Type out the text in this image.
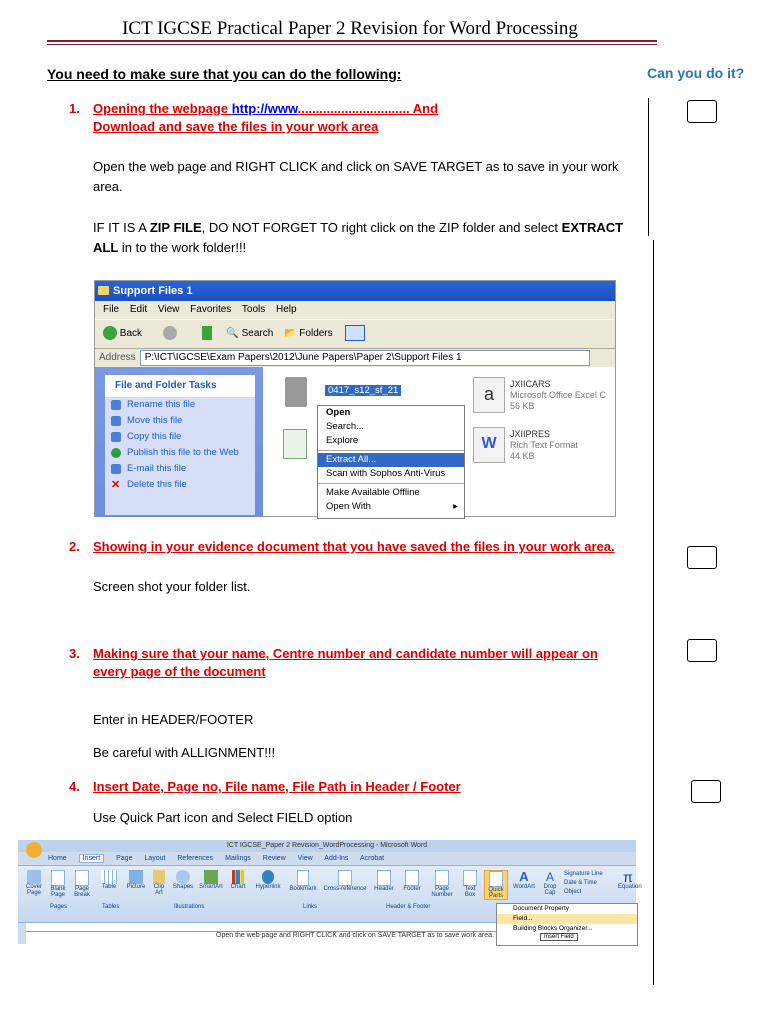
ICT IGCSE Practical Paper 2 Revision for Word Processing
You need to make sure that you can do the following:	Can you do it?
1. Opening the webpage http://www............................... And
Download and save the files in your work area
Open the web page and RIGHT CLICK and click on SAVE TARGET as to save in your work area.
IF IT IS A ZIP FILE, DO NOT FORGET TO right click on the ZIP folder and select EXTRACT ALL in to the work folder!!!
Support Files 1
File Edit View Favorites Tools Help
Back	🔍 Search 📂 Folders
Address P:\ICT\IGCSE\Exam Papers\2012\June Papers\Paper 2\Support Files 1
File and Folder Tasks
Rename this file
Move this file
Copy this file
Publish this file to the Web
E-mail this file
✕ Delete this file
0417_s12_sf_21	a	JXIICARS
Microsoft Office Excel C
56 KB
W
JXIIPRES
Rich Text Format
44 KB
Open
Search...
Explore
Extract All...
Scan with Sophos Anti-Virus
Make Available Offline
Open With	▸
2. Showing in your evidence document that you have saved the files in your work area.
Screen shot your folder list.
3. Making sure that your name, Centre number and candidate number will appear on
every page of the document
Enter in HEADER/FOOTER
Be careful with ALLIGNMENT!!!
4. Insert Date, Page no, File name, File Path in Header / Footer
Use Quick Part icon and Select FIELD option
ICT IGCSE_Paper 2 Revision_WordProcessing - Microsoft Word
Home Insert Page Layout References Mailings Review View Add-Ins Acrobat
Cover Page
Blank Page
Page Break
Table	Picture	Clip Art
Shapes SmartArt	Chart	Hyperlink	Bookmark Cross-reference	Header	Footer	Page Number
Text Box
Quick Parts
A
WordArt
A
Drop Cap
Signature Line
Date & Time
Object
π
Equation
Pages	Tables	Illustrations	Links	Header & Footer
Open the web page and RIGHT CLICK and click on SAVE TARGET as to save work area.
Document Property
Field...
Building Blocks Organizer...
Insert Field
